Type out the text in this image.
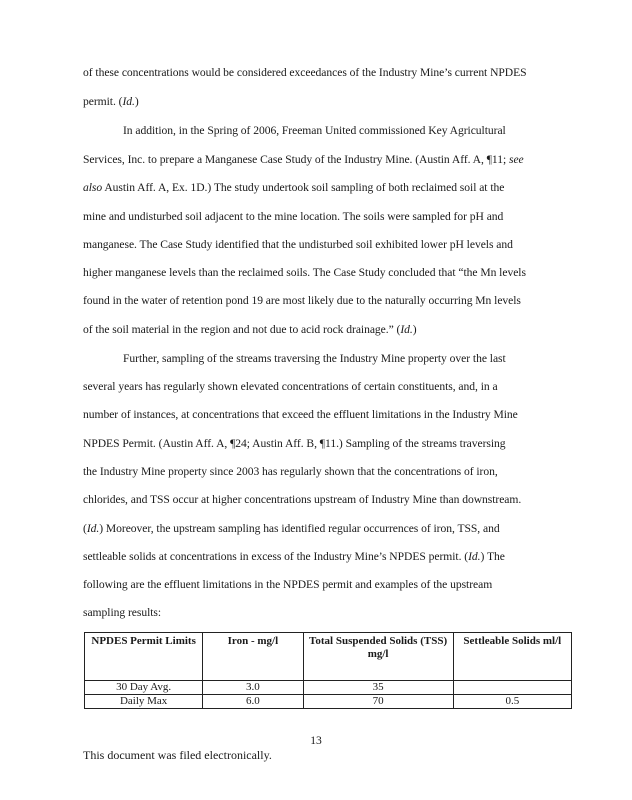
of these concentrations would be considered exceedances of the Industry Mine’s current NPDES
permit. (Id.)
In addition, in the Spring of 2006, Freeman United commissioned Key Agricultural
Services, Inc. to prepare a Manganese Case Study of the Industry Mine. (Austin Aff. A, ¶11; see
also Austin Aff. A, Ex. 1D.) The study undertook soil sampling of both reclaimed soil at the
mine and undisturbed soil adjacent to the mine location. The soils were sampled for pH and
manganese. The Case Study identified that the undisturbed soil exhibited lower pH levels and
higher manganese levels than the reclaimed soils. The Case Study concluded that “the Mn levels
found in the water of retention pond 19 are most likely due to the naturally occurring Mn levels
of the soil material in the region and not due to acid rock drainage.” (Id.)
Further, sampling of the streams traversing the Industry Mine property over the last
several years has regularly shown elevated concentrations of certain constituents, and, in a
number of instances, at concentrations that exceed the effluent limitations in the Industry Mine
NPDES Permit. (Austin Aff. A, ¶24; Austin Aff. B, ¶11.) Sampling of the streams traversing
the Industry Mine property since 2003 has regularly shown that the concentrations of iron,
chlorides, and TSS occur at higher concentrations upstream of Industry Mine than downstream.
(Id.) Moreover, the upstream sampling has identified regular occurrences of iron, TSS, and
settleable solids at concentrations in excess of the Industry Mine’s NPDES permit. (Id.) The
following are the effluent limitations in the NPDES permit and examples of the upstream
sampling results:
NPDES Permit Limits	Iron - mg/l	Total Suspended Solids (TSS) mg/l	Settleable Solids ml/l
30 Day Avg.	3.0	35	
Daily Max	6.0	70	0.5
13
This document was filed electronically.
